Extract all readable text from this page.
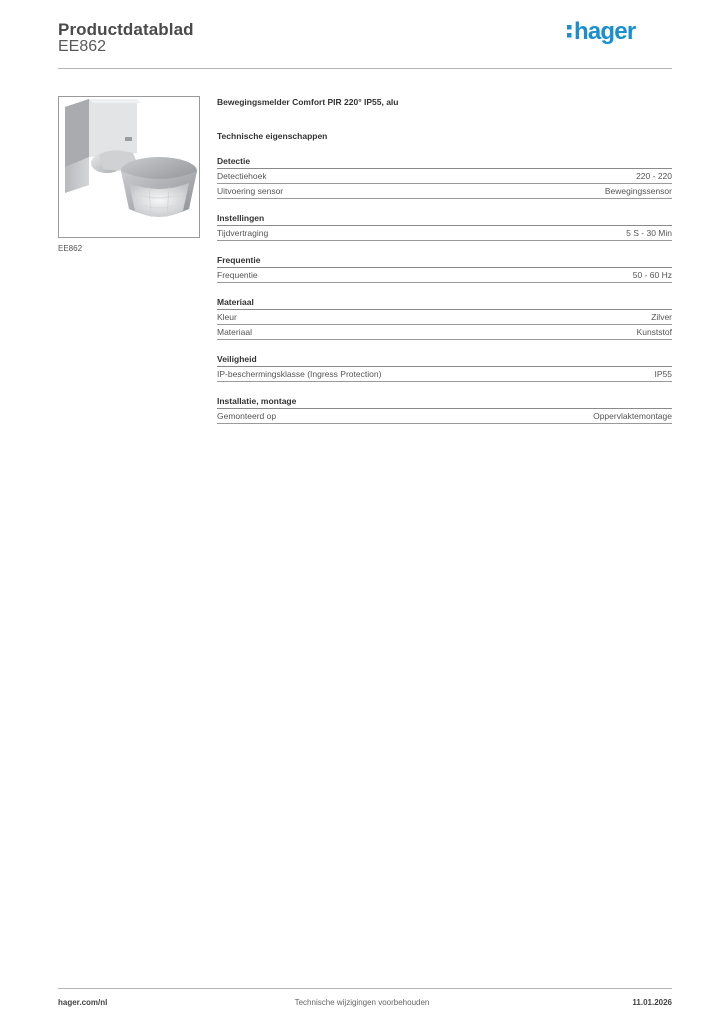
Productdatablad
EE862
hager
EE862
Bewegingsmelder Comfort PIR 220° IP55, alu
Technische eigenschappen
Detectie
Detectiehoek	220 - 220
Uitvoering sensor	Bewegingssensor
Instellingen
Tijdvertraging	5 S - 30 Min
Frequentie
Frequentie	50 - 60 Hz
Materiaal
Kleur	Zilver
Materiaal	Kunststof
Veiligheid
IP-beschermingsklasse (Ingress Protection)	IP55
Installatie, montage
Gemonteerd op	Oppervlaktemontage
hager.com/nl	Technische wijzigingen voorbehouden	11.01.2026
